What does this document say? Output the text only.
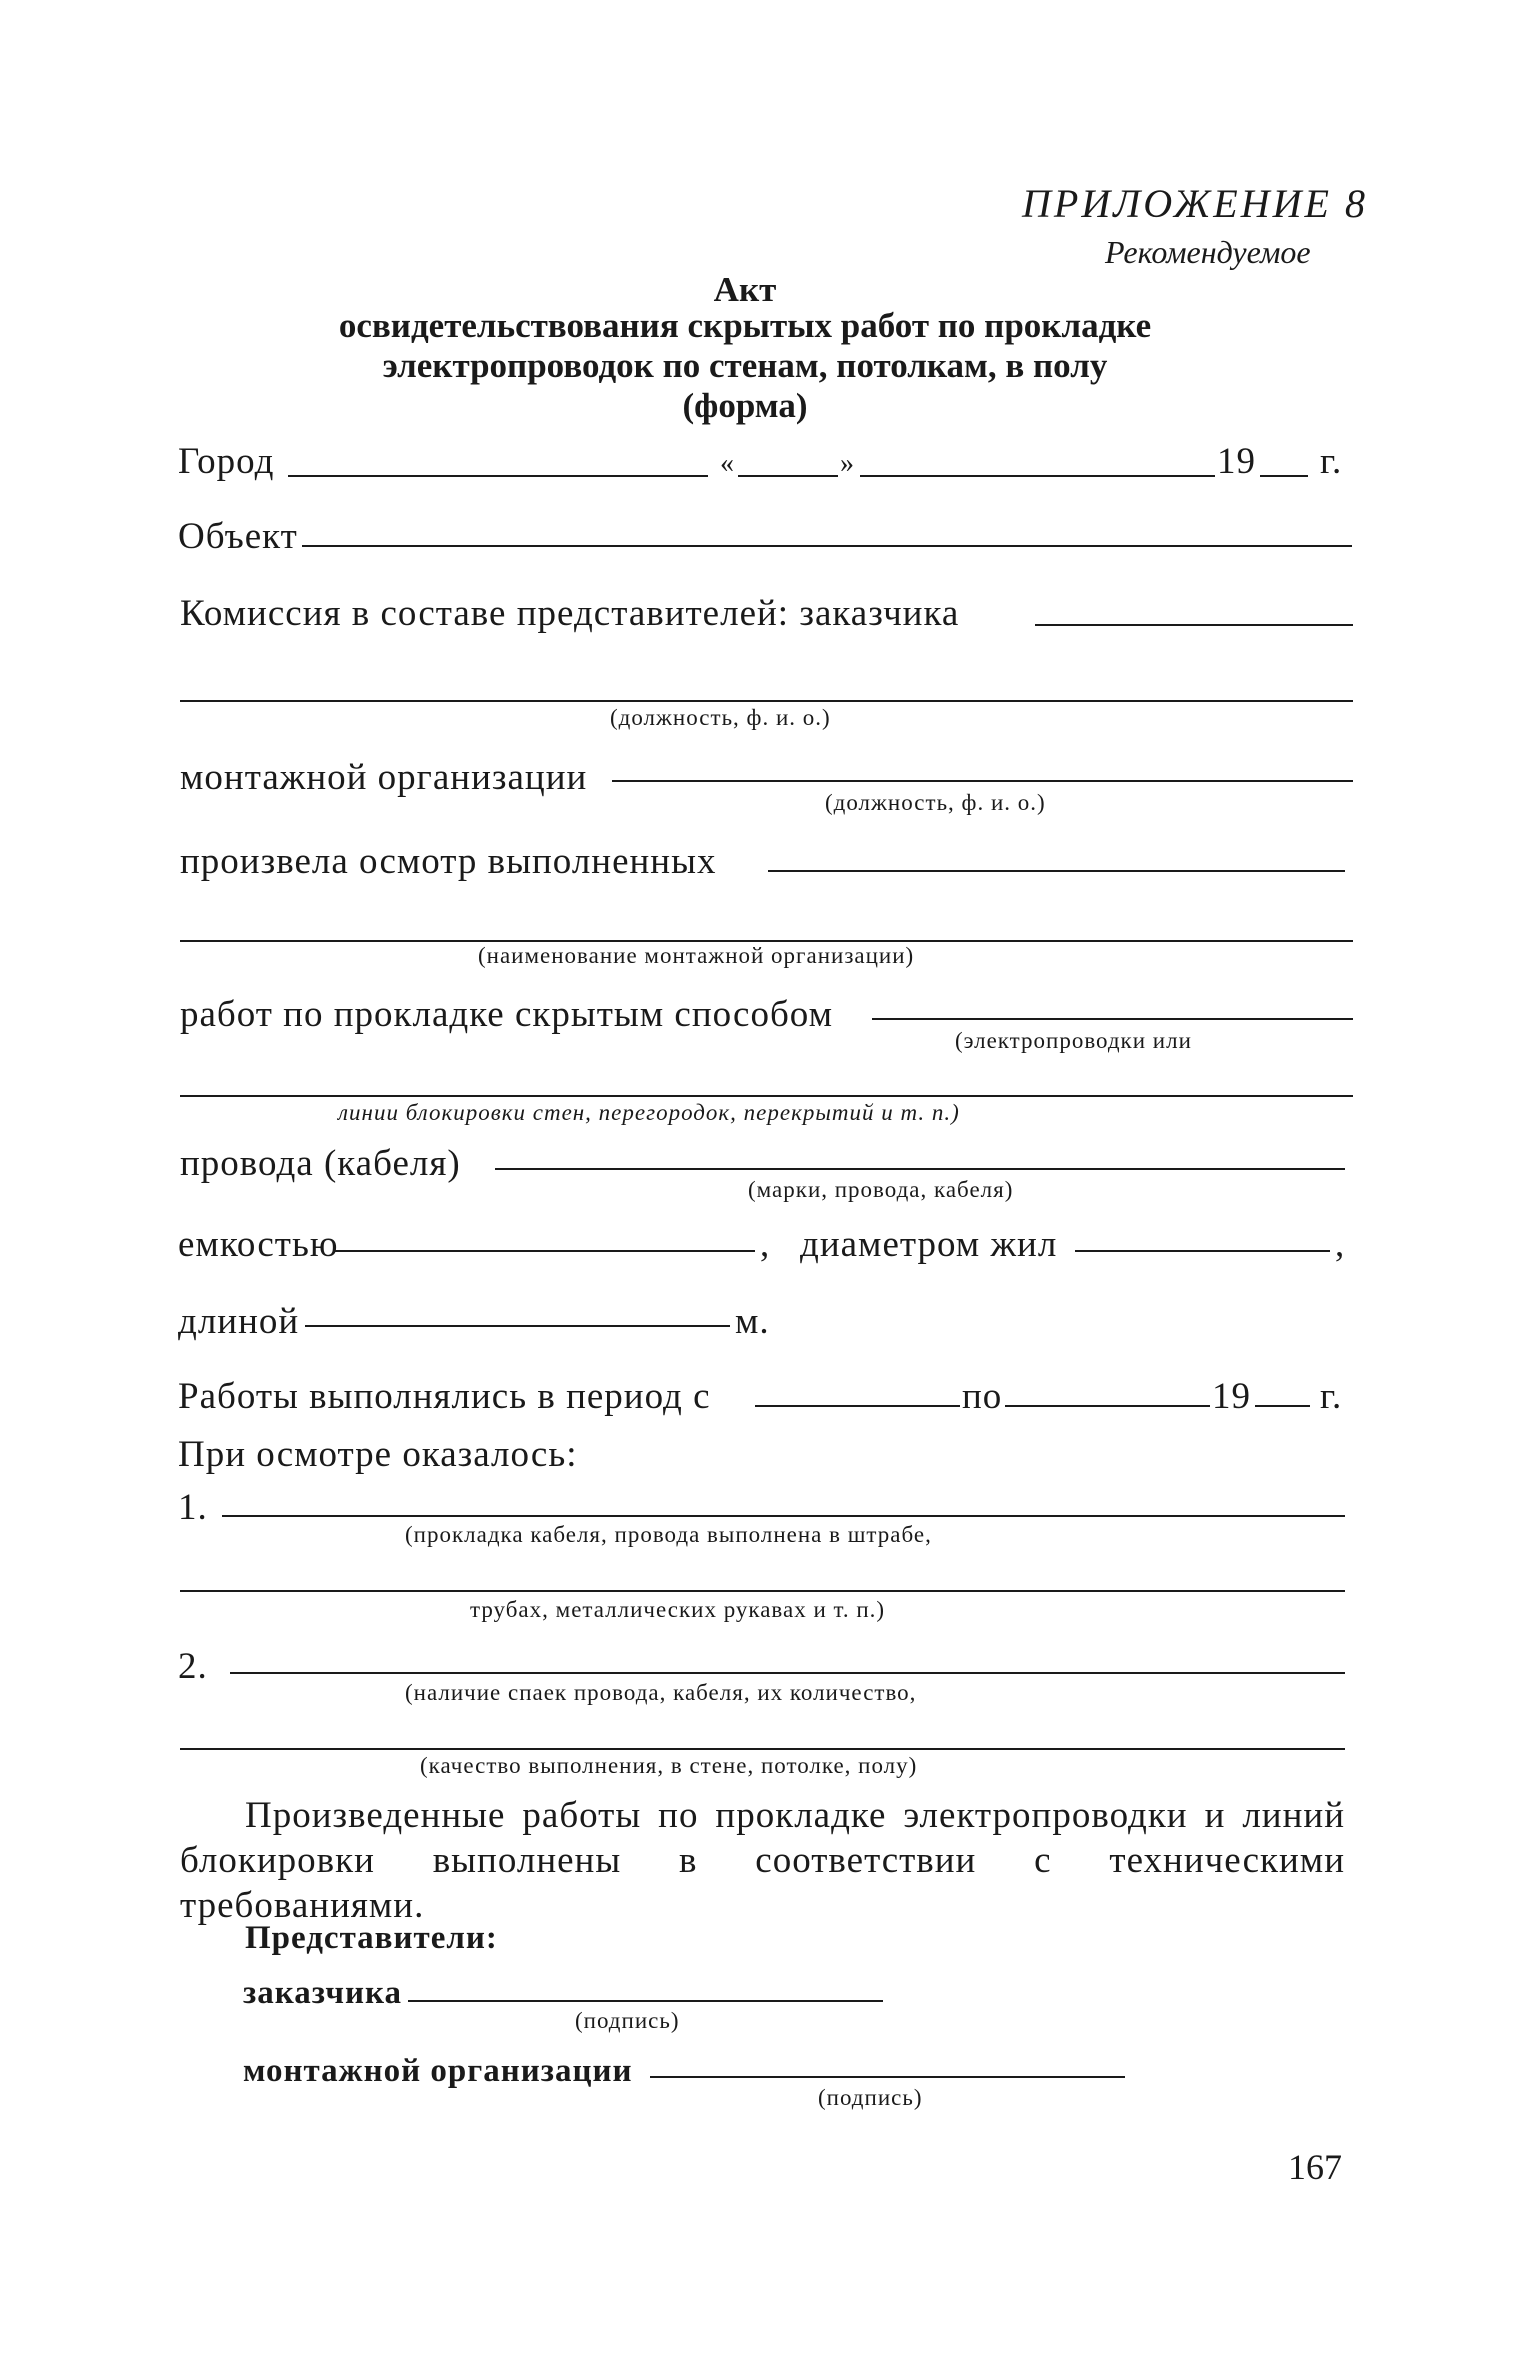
ПРИЛОЖЕНИЕ 8
Рекомендуемое
Акт
освидетельствования скрытых работ по прокладке
электропроводок по стенам, потолкам, в полу
(форма)
Город	«	»	19 г.
Объект
Комиссия в составе представителей: заказчика
(должность, ф. и. о.)
монтажной организации
(должность, ф. и. о.)
произвела осмотр выполненных
(наименование монтажной организации)
работ по прокладке скрытым способом
(электропроводки или
линии блокировки стен, перегородок, перекрытий и т. п.)
провода (кабеля)
(марки, провода, кабеля)
емкостью	, диаметром жил	,
длиной	м.
Работы выполнялись в период с	по	19 г.
При осмотре оказалось:
1.
(прокладка кабеля, провода выполнена в штрабе,
трубах, металлических рукавах и т. п.)
2.
(наличие спаек провода, кабеля, их количество,
(качество выполнения, в стене, потолке, полу)
Произведенные работы по прокладке электропроводки и линий блокировки выполнены в соответствии с техническими требованиями.
Представители:
заказчика
(подпись)
монтажной организации
(подпись)
167
